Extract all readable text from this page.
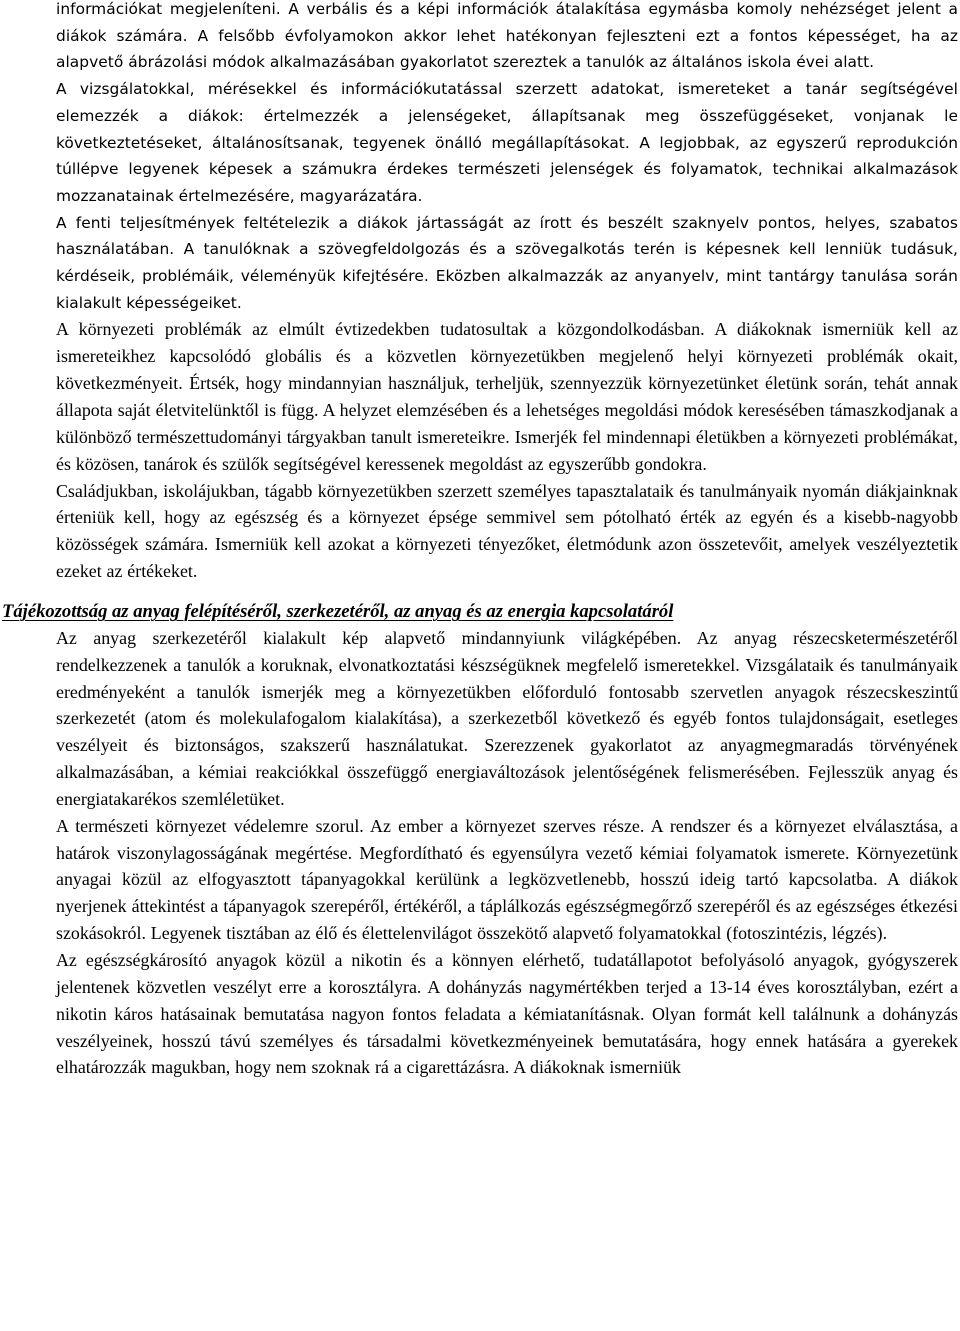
információkat megjeleníteni. A verbális és a képi információk átalakítása egymásba komoly nehézséget jelent a diákok számára. A felsőbb évfolyamokon akkor lehet hatékonyan fejleszteni ezt a fontos képességet, ha az alapvető ábrázolási módok alkalmazásában gyakorlatot szereztek a tanulók az általános iskola évei alatt.

A vizsgálatokkal, mérésekkel és információkutatással szerzett adatokat, ismereteket a tanár segítségével elemezzék a diákok: értelmezzék a jelenségeket, állapítsanak meg összefüggéseket, vonjanak le következtetéseket, általánosítsanak, tegyenek önálló megállapításokat. A legjobbak, az egyszerű reprodukción túllépve legyenek képesek a számukra érdekes természeti jelenségek és folyamatok, technikai alkalmazások mozzanatainak értelmezésére, magyarázatára.

A fenti teljesítmények feltételezik a diákok jártasságát az írott és beszélt szaknyelv pontos, helyes, szabatos használatában. A tanulóknak a szövegfeldolgozás és a szövegalkotás terén is képesnek kell lenniük tudásuk, kérdéseik, problémáik, véleményük kifejtésére. Eközben alkalmazzák az anyanyelv, mint tantárgy tanulása során kialakult képességeiket.

A környezeti problémák az elmúlt évtizedekben tudatosultak a közgondolkodásban. A diákoknak ismerniük kell az ismereteikhez kapcsolódó globális és a közvetlen környezetükben megjelenő helyi környezeti problémák okait, következményeit. Értsék, hogy mindannyian használjuk, terheljük, szennyezzük környezetünket életünk során, tehát annak állapota saját életvitelünktől is függ. A helyzet elemzésében és a lehetséges megoldási módok keresésében támaszkodjanak a különböző természettudományi tárgyakban tanult ismereteikre. Ismerjék fel mindennapi életükben a környezeti problémákat, és közösen, tanárok és szülők segítségével keressenek megoldást az egyszerűbb gondokra.

Családjukban, iskolájukban, tágabb környezetükben szerzett személyes tapasztalataik és tanulmányaik nyomán diákjainknak érteniük kell, hogy az egészség és a környezet épsége semmivel sem pótolható érték az egyén és a kisebb-nagyobb közösségek számára. Ismerniük kell azokat a környezeti tényezőket, életmódunk azon összetevőit, amelyek veszélyeztetik ezeket az értékeket.

Tájékozottság az anyag felépítéséről, szerkezetéről, az anyag és az energia kapcsolatáról

Az anyag szerkezetéről kialakult kép alapvető mindannyiunk világképében. Az anyag részecsketermészetéről rendelkezzenek a tanulók a koruknak, elvonatkoztatási készségüknek megfelelő ismeretekkel. Vizsgálataik és tanulmányaik eredményeként a tanulók ismerjék meg a környezetükben előforduló fontosabb szervetlen anyagok részecskeszintű szerkezetét (atom és molekulafogalom kialakítása), a szerkezetből következő és egyéb fontos tulajdonságait, esetleges veszélyeit és biztonságos, szakszerű használatukat. Szerezzenek gyakorlatot az anyagmegmaradás törvényének alkalmazásában, a kémiai reakciókkal összefüggő energiaváltozások jelentőségének felismerésében. Fejlesszük anyag és energiatakarékos szemléletüket.

A természeti környezet védelemre szorul. Az ember a környezet szerves része. A rendszer és a környezet elválasztása, a határok viszonylagosságának megértése. Megfordítható és egyensúlyra vezető kémiai folyamatok ismerete. Környezetünk anyagai közül az elfogyasztott tápanyagokkal kerülünk a legközvetlenebb, hosszú ideig tartó kapcsolatba. A diákok nyerjenek áttekintést a tápanyagok szerepéről, értékéről, a táplálkozás egészségmegőrző szerepéről és az egészséges étkezési szokásokról. Legyenek tisztában az élő és élettelenvilágot összekötő alapvető folyamatokkal (fotoszintézis, légzés).

Az egészségkárosító anyagok közül a nikotin és a könnyen elérhető, tudatállapotot befolyásoló anyagok, gyógyszerek jelentenek közvetlen veszélyt erre a korosztályra. A dohányzás nagymértékben terjed a 13-14 éves korosztályban, ezért a nikotin káros hatásainak bemutatása nagyon fontos feladata a kémiatanításnak. Olyan formát kell találnunk a dohányzás veszélyeinek, hosszú távú személyes és társadalmi következményeinek bemutatására, hogy ennek hatására a gyerekek elhatározzák magukban, hogy nem szoknak rá a cigarettázásra. A diákoknak ismerniük
